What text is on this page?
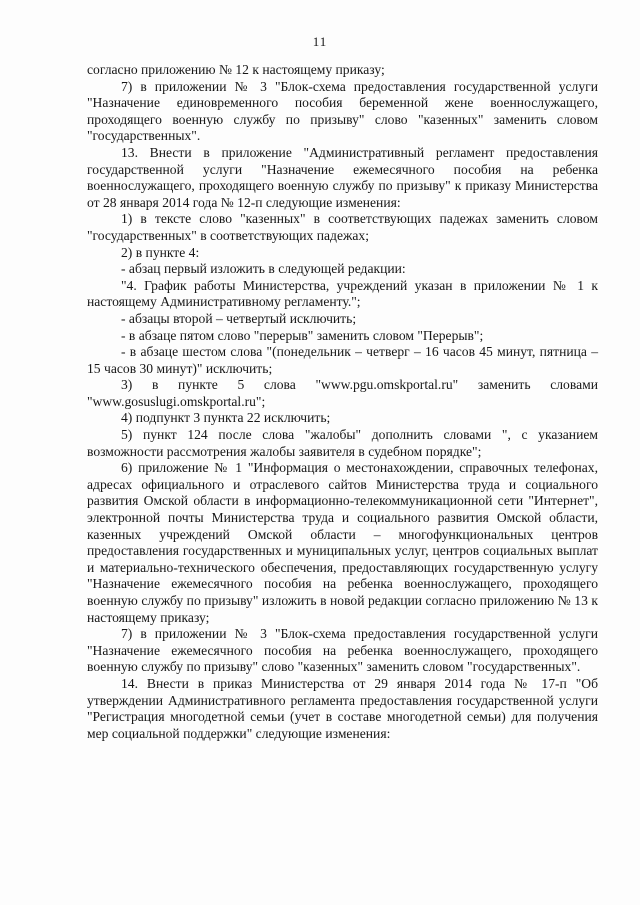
11

согласно приложению № 12 к настоящему приказу;

7) в приложении № 3 "Блок-схема предоставления государственной услуги "Назначение единовременного пособия беременной жене военнослужащего, проходящего военную службу по призыву" слово "казенных" заменить словом "государственных".

13. Внести в приложение "Административный регламент предоставления государственной услуги "Назначение ежемесячного пособия на ребенка военнослужащего, проходящего военную службу по призыву" к приказу Министерства от 28 января 2014 года № 12-п следующие изменения:

1) в тексте слово "казенных" в соответствующих падежах заменить словом "государственных" в соответствующих падежах;

2) в пункте 4:

- абзац первый изложить в следующей редакции:

"4. График работы Министерства, учреждений указан в приложении № 1 к настоящему Административному регламенту.";

- абзацы второй – четвертый исключить;

- в абзаце пятом слово "перерыв" заменить словом "Перерыв";

- в абзаце шестом слова "(понедельник – четверг – 16 часов 45 минут, пятница – 15 часов 30 минут)" исключить;

3) в пункте 5 слова "www.pgu.omskportal.ru" заменить словами "www.gosuslugi.omskportal.ru";

4) подпункт 3 пункта 22 исключить;

5) пункт 124 после слова "жалобы" дополнить словами ", с указанием возможности рассмотрения жалобы заявителя в судебном порядке";

6) приложение № 1 "Информация о местонахождении, справочных телефонах, адресах официального и отраслевого сайтов Министерства труда и социального развития Омской области в информационно-телекоммуникационной сети "Интернет", электронной почты Министерства труда и социального развития Омской области, казенных учреждений Омской области – многофункциональных центров предоставления государственных и муниципальных услуг, центров социальных выплат и материально-технического обеспечения, предоставляющих государственную услугу "Назначение ежемесячного пособия на ребенка военнослужащего, проходящего военную службу по призыву" изложить в новой редакции согласно приложению № 13 к настоящему приказу;

7) в приложении № 3 "Блок-схема предоставления государственной услуги "Назначение ежемесячного пособия на ребенка военнослужащего, проходящего военную службу по призыву" слово "казенных" заменить словом "государственных".

14. Внести в приказ Министерства от 29 января 2014 года № 17-п "Об утверждении Административного регламента предоставления государственной услуги "Регистрация многодетной семьи (учет в составе многодетной семьи) для получения мер социальной поддержки" следующие изменения:
